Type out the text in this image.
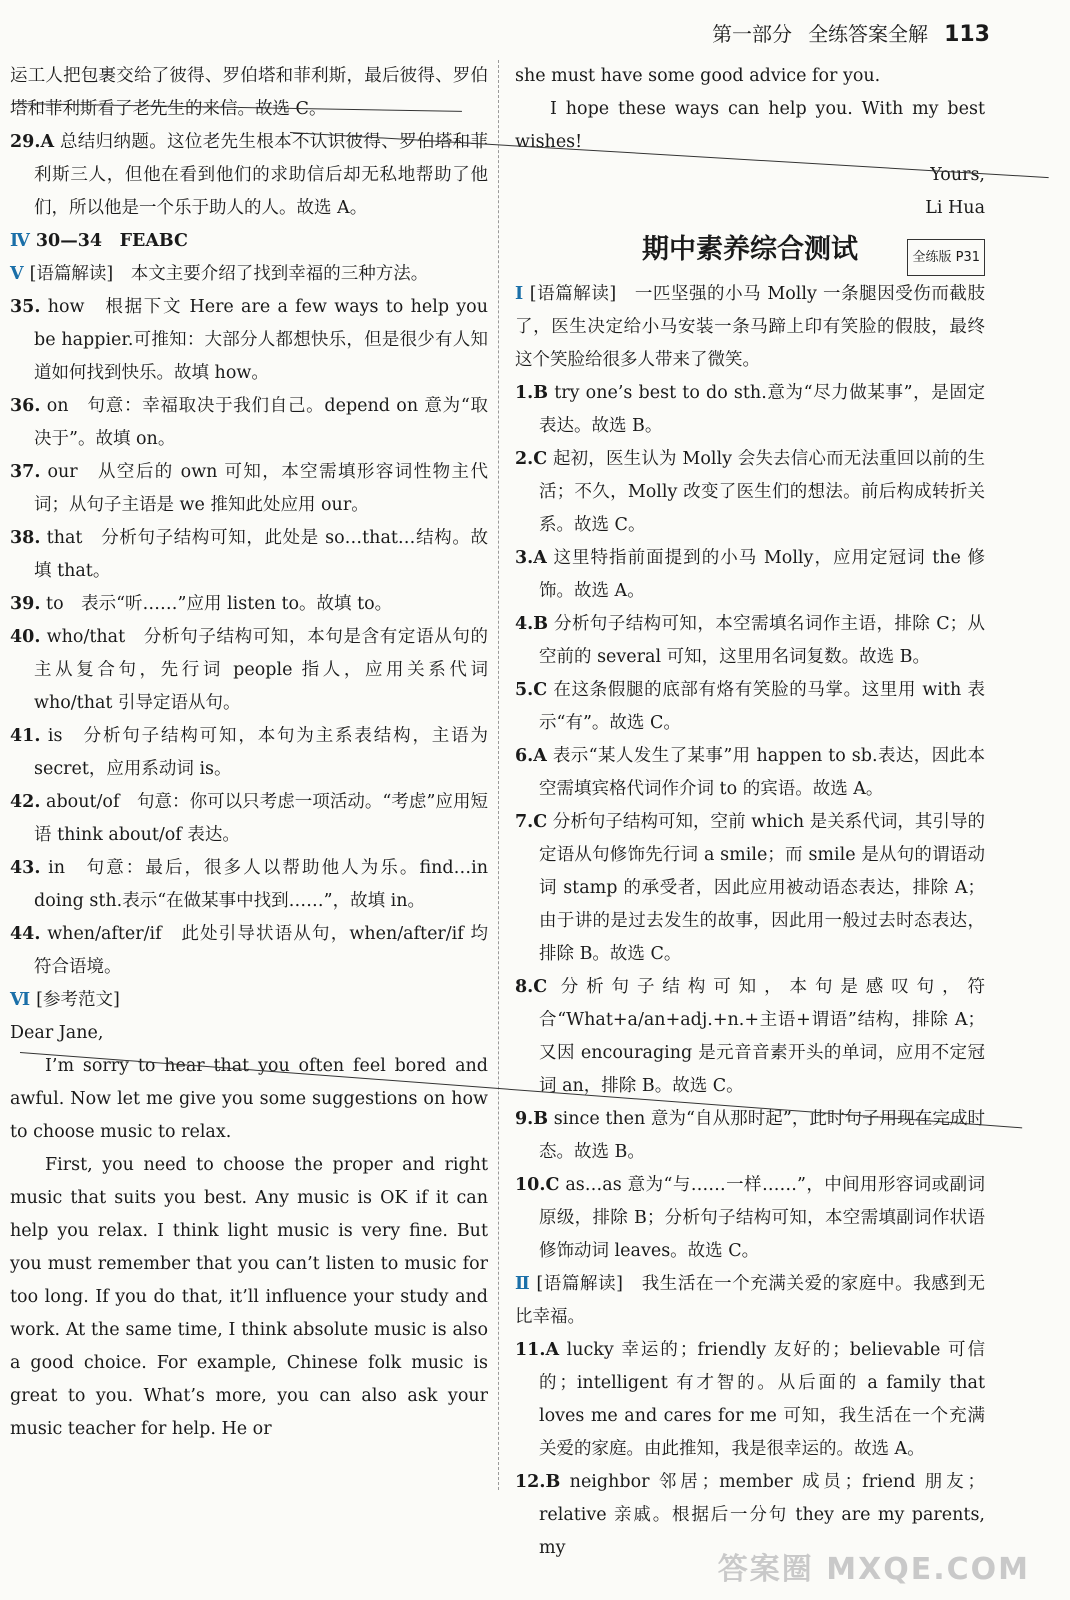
第一部分 全练答案全解 113

运工人把包裹交给了彼得、罗伯塔和菲利斯，最后彼得、罗伯塔和菲利斯看了老先生的来信。故选 C。

29.A 总结归纳题。这位老先生根本不认识彼得、罗伯塔和菲利斯三人，但他在看到他们的求助信后却无私地帮助了他们，所以他是一个乐于助人的人。故选 A。

Ⅳ 30—34　FEABC

Ⅴ [语篇解读]　本文主要介绍了找到幸福的三种方法。

35. how　根据下文 Here are a few ways to help you be happier.可推知：大部分人都想快乐，但是很少有人知道如何找到快乐。故填 how。

36. on　句意：幸福取决于我们自己。depend on 意为“取决于”。故填 on。

37. our　从空后的 own 可知，本空需填形容词性物主代词；从句子主语是 we 推知此处应用 our。

38. that　分析句子结构可知，此处是 so…that…结构。故填 that。

39. to　表示“听……”应用 listen to。故填 to。

40. who/that　分析句子结构可知，本句是含有定语从句的主从复合句，先行词 people 指人，应用关系代词 who/that 引导定语从句。

41. is　分析句子结构可知，本句为主系表结构，主语为 secret，应用系动词 is。

42. about/of　句意：你可以只考虑一项活动。“考虑”应用短语 think about/of 表达。

43. in　句意：最后，很多人以帮助他人为乐。find…in doing sth.表示“在做某事中找到……”，故填 in。

44. when/after/if　此处引导状语从句，when/after/if 均符合语境。

Ⅵ [参考范文]

Dear Jane,

I’m sorry to hear that you often feel bored and awful. Now let me give you some suggestions on how to choose music to relax.

First, you need to choose the proper and right music that suits you best. Any music is OK if it can help you relax. I think light music is very fine. But you must remember that you can’t listen to music for too long. If you do that, it’ll influence your study and work. At the same time, I think absolute music is also a good choice. For example, Chinese folk music is great to you. What’s more, you can also ask your music teacher for help. He or

she must have some good advice for you.

I hope these ways can help you. With my best wishes!

Yours,

Li Hua

期中素养综合测试	全练版 P31

Ⅰ [语篇解读]　一匹坚强的小马 Molly 一条腿因受伤而截肢了，医生决定给小马安装一条马蹄上印有笑脸的假肢，最终这个笑脸给很多人带来了微笑。

1.B try one’s best to do sth.意为“尽力做某事”，是固定表达。故选 B。

2.C 起初，医生认为 Molly 会失去信心而无法重回以前的生活；不久，Molly 改变了医生们的想法。前后构成转折关系。故选 C。

3.A 这里特指前面提到的小马 Molly，应用定冠词 the 修饰。故选 A。

4.B 分析句子结构可知，本空需填名词作主语，排除 C；从空前的 several 可知，这里用名词复数。故选 B。

5.C 在这条假腿的底部有烙有笑脸的马掌。这里用 with 表示“有”。故选 C。

6.A 表示“某人发生了某事”用 happen to sb.表达，因此本空需填宾格代词作介词 to 的宾语。故选 A。

7.C 分析句子结构可知，空前 which 是关系代词，其引导的定语从句修饰先行词 a smile；而 smile 是从句的谓语动词 stamp 的承受者，因此应用被动语态表达，排除 A；由于讲的是过去发生的故事，因此用一般过去时态表达，排除 B。故选 C。

8.C 分析句子结构可知，本句是感叹句，符合“What+a/an+adj.+n.+主语+谓语”结构，排除 A；又因 encouraging 是元音音素开头的单词，应用不定冠词 an，排除 B。故选 C。

9.B since then 意为“自从那时起”，此时句子用现在完成时态。故选 B。

10.C as…as 意为“与……一样……”，中间用形容词或副词原级，排除 B；分析句子结构可知，本空需填副词作状语修饰动词 leaves。故选 C。

Ⅱ [语篇解读]　我生活在一个充满关爱的家庭中。我感到无比幸福。

11.A lucky 幸运的；friendly 友好的；believable 可信的；intelligent 有才智的。从后面的 a family that loves me and cares for me 可知，我生活在一个充满关爱的家庭。由此推知，我是很幸运的。故选 A。

12.B neighbor 邻居；member 成员；friend 朋友；relative 亲戚。根据后一分句 they are my parents, my

答案圈 MXQE.COM
